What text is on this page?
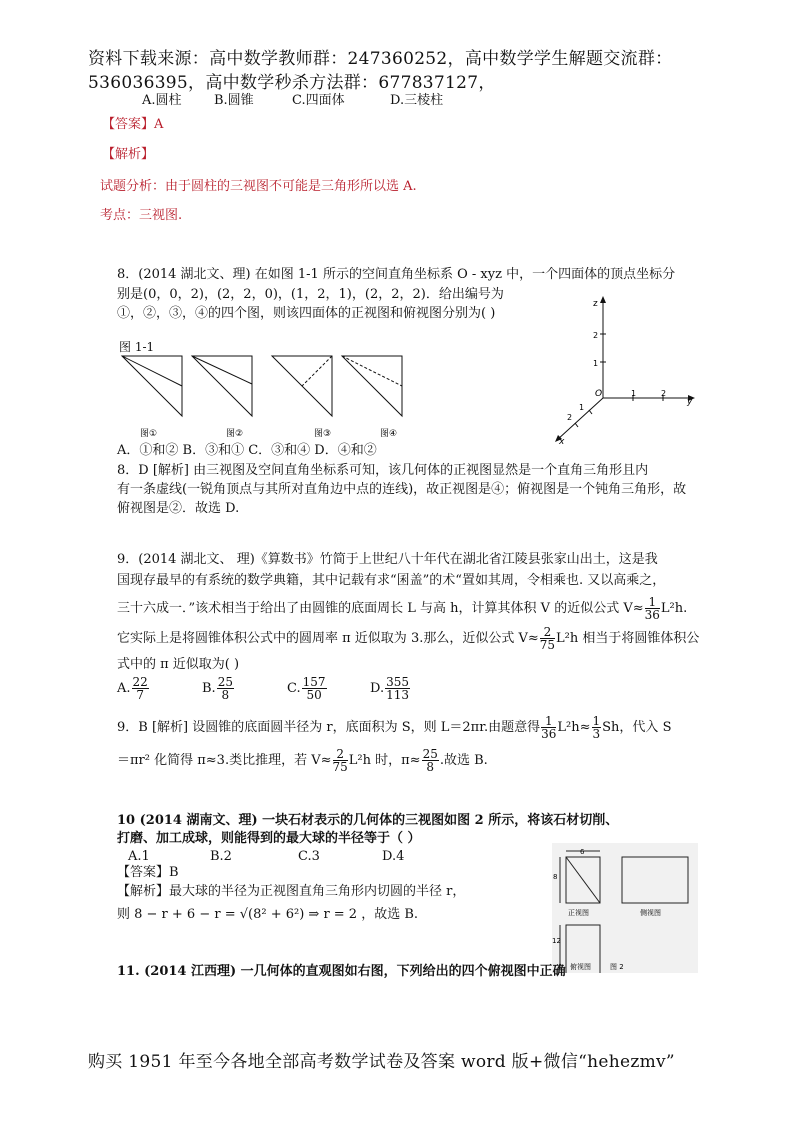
资料下载来源：高中数学教师群：247360252，高中数学学生解题交流群：
536036395，高中数学秒杀方法群：677837127，
A.圆柱 B.圆锥	C.四面体	D.三棱柱
【答案】A
【解析】
试题分析：由于圆柱的三视图不可能是三角形所以选 A.
考点：三视图.
8．(2014 湖北文、理) 在如图 1-1 所示的空间直角坐标系 O - xyz 中，一个四面体的顶点坐标分
别是(0，0，2)，(2，2，0)，(1，2，1)，(2，2，2)．给出编号为
①，②，③，④的四个图，则该四面体的正视图和俯视图分别为( )
图 1-1
图①	图②	图③	图④
z
y
x
O
2
1
1	2
1
2
A．①和② B．③和① C．③和④ D．④和②
8．D [解析] 由三视图及空间直角坐标系可知，该几何体的正视图显然是一个直角三角形且内
有一条虚线(一锐角顶点与其所对直角边中点的连线)，故正视图是④；俯视图是一个钝角三角形，故
俯视图是②．故选 D.
9．(2014 湖北文、 理)《算数书》竹简于上世纪八十年代在湖北省江陵县张家山出土，这是我
国现存最早的有系统的数学典籍，其中记载有求“囷盖”的术“置如其周，令相乘也. 又以高乘之，
三十六成一．”该术相当于给出了由圆锥的底面周长 L 与高 h，计算其体积 V 的近似公式 $V\approx \frac{1}{36} L^2h$.
它实际上是将圆锥体积公式中的圆周率 π 近似取为 3.那么，近似公式 $V\approx \frac{2}{75} L^2h$ 相当于将圆锥体积公
式中的 π 近似取为( )
A. $\frac{22}{7}$	B. $\frac{25}{8}$	C. $\frac{157}{50}$	D. $\frac{355}{113}$
9．B [解析] 设圆锥的底面圆半径为 r，底面积为 S，则 L＝2πr.由题意得 $\frac{1}{36} L^2h\approx \frac{1}{3}$ Sh，代入 S
＝πr² 化简得 π≈3.类比推理，若 $V\approx \frac{2}{75} L^2h$ 时，$\pi\approx \frac{25}{8}$ .故选 B.
10 (2014 湖南文、理) 一块石材表示的几何体的三视图如图 2 所示，将该石材切削、
打磨、加工成球，则能得到的最大球的半径等于（ ）
A.1	B.2	C.3	D.4
【答案】B
【解析】最大球的半径为正视图直角三角形内切圆的半径 r，
则 8 − r + 6 − r = √(8² + 6²) ⇒ r = 2 ，故选 B.
6
8
12
正视图	侧视图
俯视图	图 2
11. (2014 江西理) 一几何体的直观图如右图，下列给出的四个俯视图中正确
购买 1951 年至今各地全部高考数学试卷及答案 word 版+微信“hehezmv”
